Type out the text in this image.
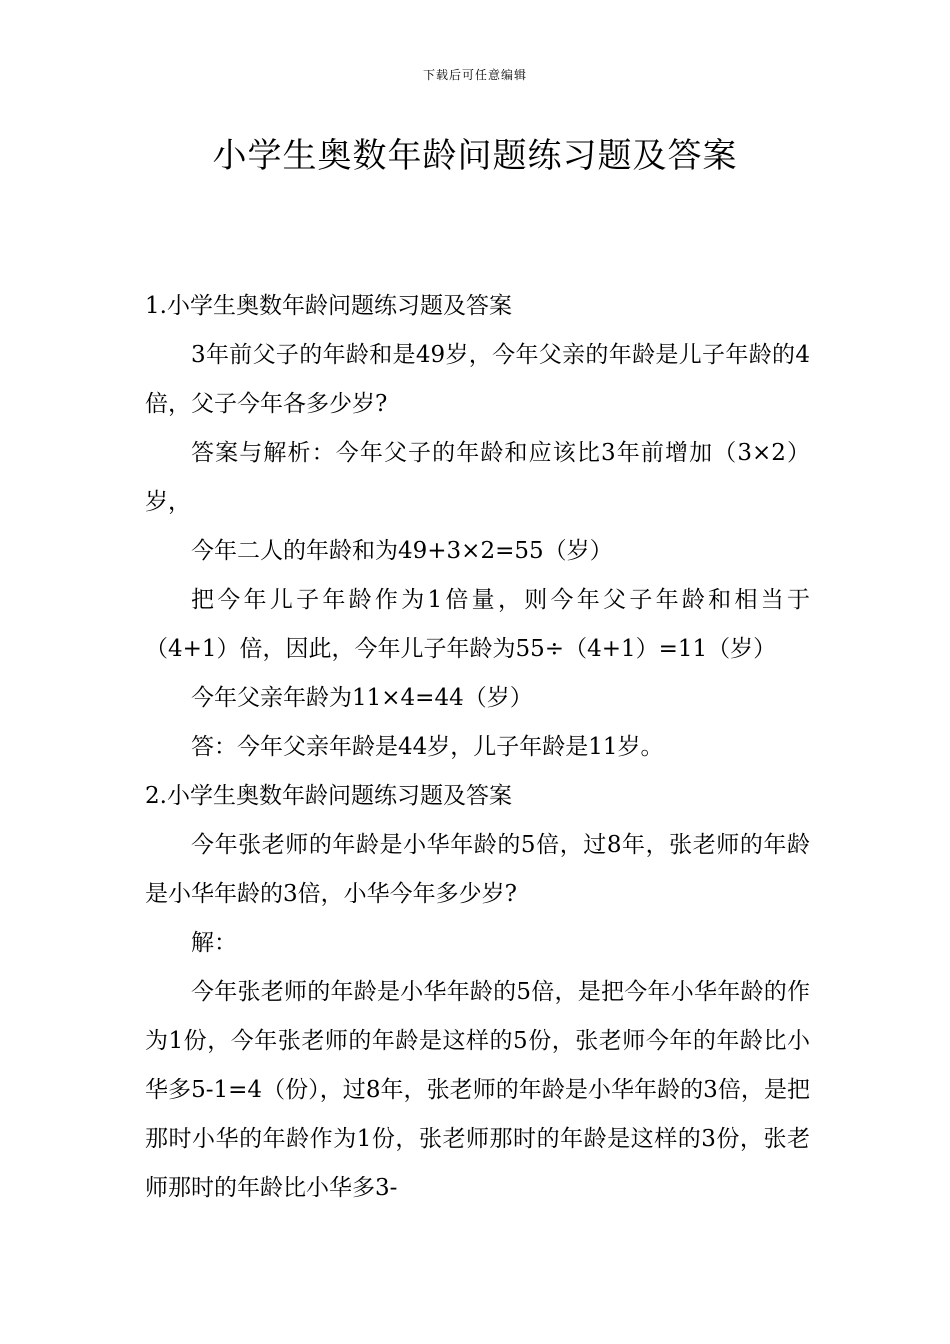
下载后可任意编辑
小学生奥数年龄问题练习题及答案

1.小学生奥数年龄问题练习题及答案

3年前父子的年龄和是49岁，今年父亲的年龄是儿子年龄的4倍，父子今年各多少岁?

答案与解析：今年父子的年龄和应该比3年前增加（3×2）岁，

今年二人的年龄和为49+3×2=55（岁）

把今年儿子年龄作为1倍量，则今年父子年龄和相当于（4+1）倍，因此，今年儿子年龄为55÷（4+1）=11（岁）

今年父亲年龄为11×4=44（岁）

答：今年父亲年龄是44岁，儿子年龄是11岁。

2.小学生奥数年龄问题练习题及答案

今年张老师的年龄是小华年龄的5倍，过8年，张老师的年龄是小华年龄的3倍，小华今年多少岁?

解：

今年张老师的年龄是小华年龄的5倍，是把今年小华年龄的作为1份，今年张老师的年龄是这样的5份，张老师今年的年龄比小华多5-1=4（份），过8年，张老师的年龄是小华年龄的3倍，是把那时小华的年龄作为1份，张老师那时的年龄是这样的3份，张老师那时的年龄比小华多3-
